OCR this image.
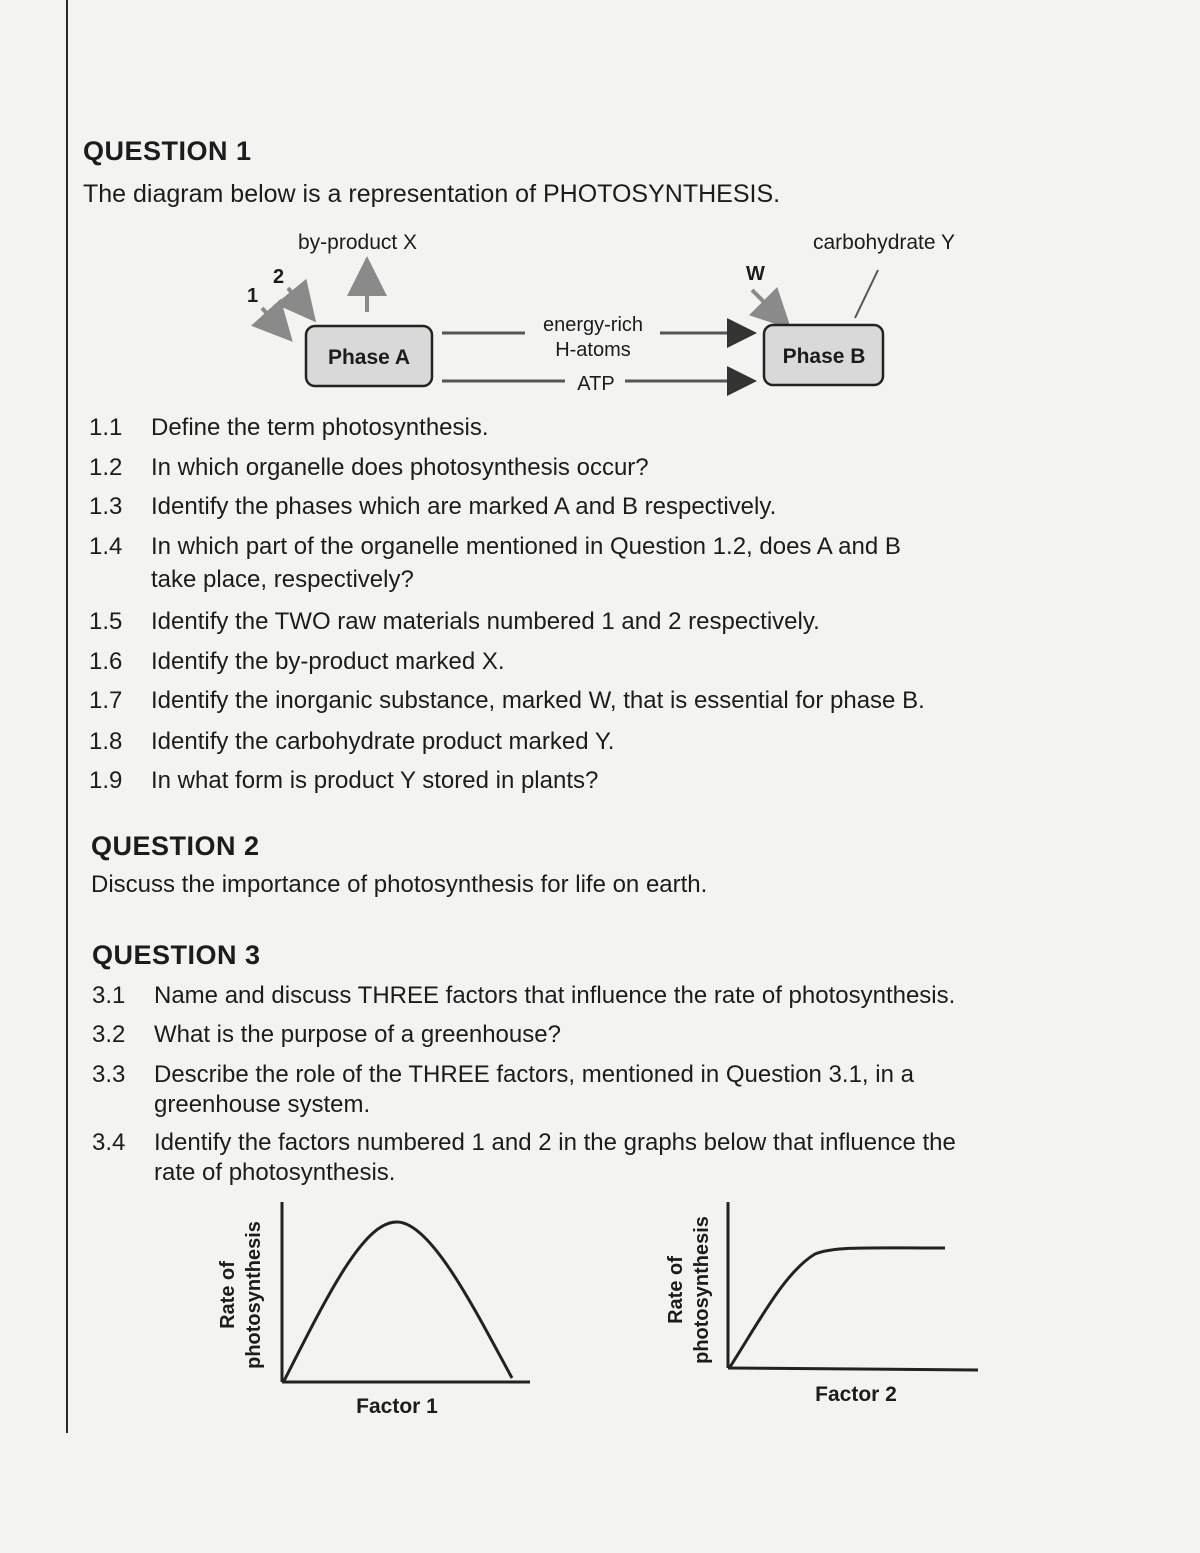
QUESTION 1
The diagram below is a representation of PHOTOSYNTHESIS.
by-product X	carbohydrate Y
W
2
1
Phase A	Phase B
energy-rich
H-atoms
ATP
1.1	Define the term photosynthesis.
1.2	In which organelle does photosynthesis occur?
1.3	Identify the phases which are marked A and B respectively.
1.4	In which part of the organelle mentioned in Question 1.2, does A and B
take place, respectively?
1.5	Identify the TWO raw materials numbered 1 and 2 respectively.
1.6	Identify the by-product marked X.
1.7	Identify the inorganic substance, marked W, that is essential for phase B.
1.8	Identify the carbohydrate product marked Y.
1.9	In what form is product Y stored in plants?
QUESTION 2
Discuss the importance of photosynthesis for life on earth.
QUESTION 3
3.1	Name and discuss THREE factors that influence the rate of photosynthesis.
3.2	What is the purpose of a greenhouse?
3.3	Describe the role of the THREE factors, mentioned in Question 3.1, in a
greenhouse system.
3.4	Identify the factors numbered 1 and 2 in the graphs below that influence the
rate of photosynthesis.
Rate of photosynthesis
Factor 1
Rate of photosynthesis
Factor 2
